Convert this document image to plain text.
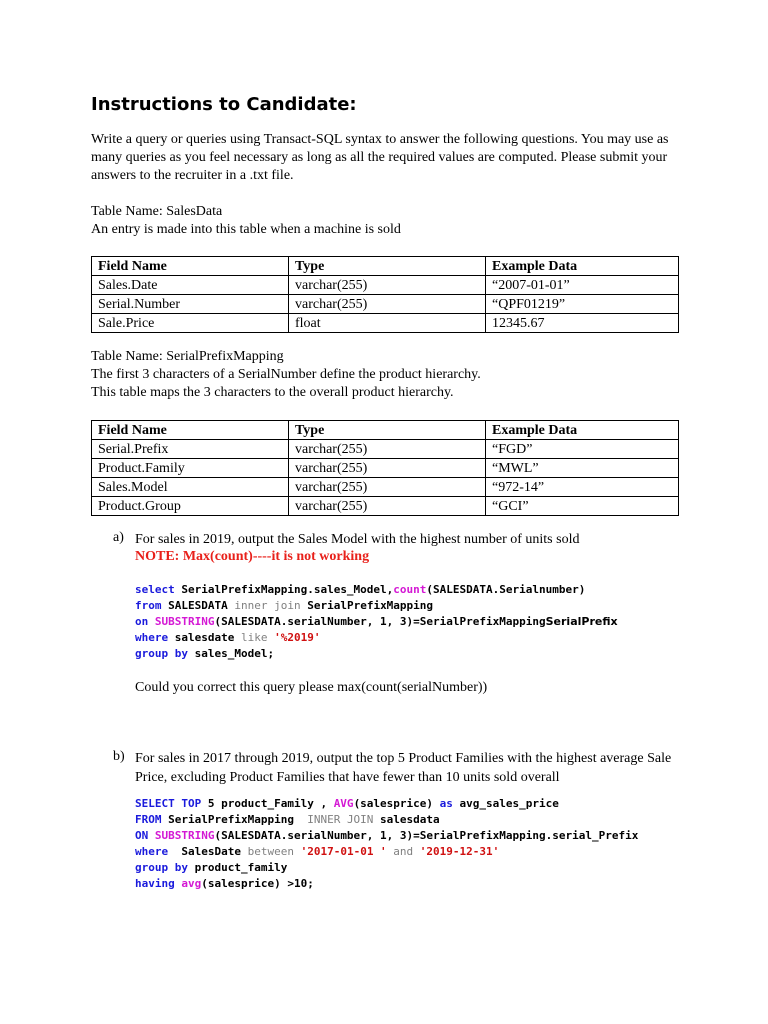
Instructions to Candidate:

Write a query or queries using Transact-SQL syntax to answer the following questions. You may use as many queries as you feel necessary as long as all the required values are computed. Please submit your answers to the recruiter in a .txt file.

Table Name: SalesData

An entry is made into this table when a machine is sold

Field Name	Type	Example Data
Sales.Date	varchar(255)	“2007-01-01”
Serial.Number	varchar(255)	“QPF01219”
Sale.Price	float	12345.67

Table Name: SerialPrefixMapping

The first 3 characters of a SerialNumber define the product hierarchy.

This table maps the 3 characters to the overall product hierarchy.

Field Name	Type	Example Data
Serial.Prefix	varchar(255)	“FGD”
Product.Family	varchar(255)	“MWL”
Sales.Model	varchar(255)	“972-14”
Product.Group	varchar(255)	“GCI”
a) For sales in 2019, output the Sales Model with the highest number of units sold
NOTE: Max(count)----it is not working
select SerialPrefixMapping.sales_Model,count(SALESDATA.Serialnumber)
from SALESDATA inner join SerialPrefixMapping
on SUBSTRING(SALESDATA.serialNumber, 1, 3)=SerialPrefixMappingSerialPrefix
where salesdate like '%2019'
group by sales_Model;
Could you correct this query please max(count(serialNumber))
b) For sales in 2017 through 2019, output the top 5 Product Families with the highest average Sale Price, excluding Product Families that have fewer than 10 units sold overall
SELECT TOP 5 product_Family , AVG(salesprice) as avg_sales_price
FROM SerialPrefixMapping  INNER JOIN salesdata
ON SUBSTRING(SALESDATA.serialNumber, 1, 3)=SerialPrefixMapping.serial_Prefix
where  SalesDate between '2017-01-01 ' and '2019-12-31'
group by product_family
having avg(salesprice) >10;
